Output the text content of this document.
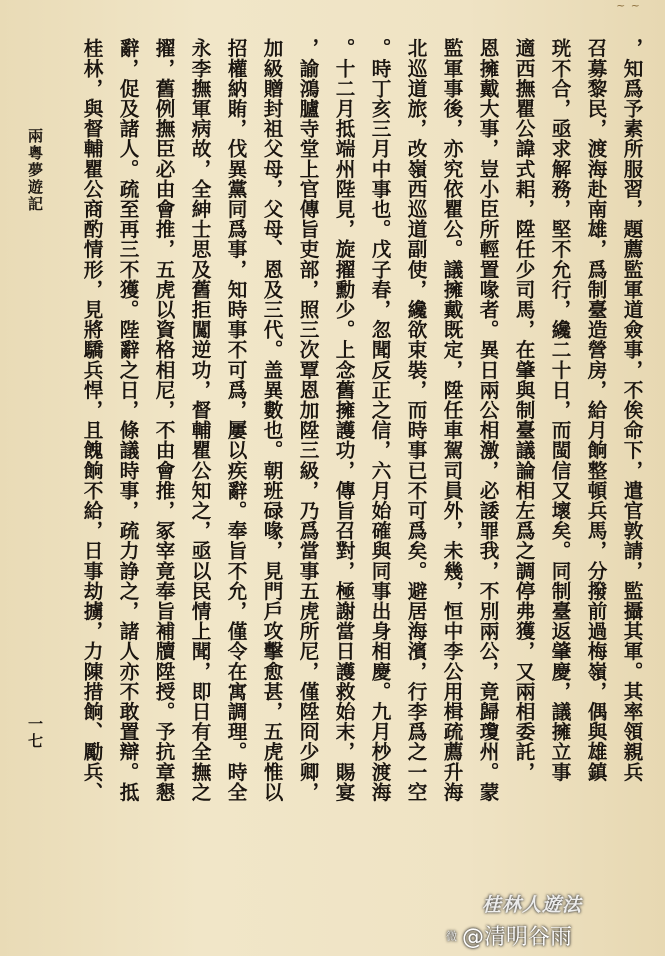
~ ~
，知爲予素所服習，題薦監軍道僉事，不俟命下，遣官敦請，監攝其軍。其率領親兵
召募黎民，渡海赴南雄，爲制臺造營房，給月餉整頓兵馬，分撥前過梅嶺，偶與雄鎮
珖不合，亟求解務，堅不允行，纔二十日，而閩信又壞矣。同制臺返肇慶，議擁立事
適西撫瞿公諱式耜，陞任少司馬，在肇與制臺議論相左爲之調停弗獲，又兩相委託，
恩擁戴大事，豈小臣所輕置喙者。異日兩公相激，必諉罪我，不別兩公，竟歸瓊州。蒙
監軍事後，亦究依瞿公。議擁戴既定，陞任車駕司員外，未幾，恒中李公用楫疏薦升海
北巡道旅，改嶺西巡道副使，纔欲束裝，而時事已不可爲矣。避居海濱，行李爲之一空
。時丁亥三月中事也。戊子春，忽聞反正之信，六月始確與同事出身相慶。九月杪渡海
。十二月抵端州陛見，旋擢勳少。上念舊擁護功，傳旨召對，極謝當日護救始末，賜宴
，諭鴻臚寺堂上官傳旨吏部，照三次覃恩加陞三級，乃爲當事五虎所尼，僅陞冏少卿，
加級贈封祖父母，父母、恩及三代。盖異數也。朝班碌喙，見門戶攻擊愈甚，五虎惟以
招權納賄，伐異黨同爲事，知時事不可爲，屢以疾辭。奉旨不允，僅令在寓調理。時全
永李撫軍病故，全紳士思及舊拒闖逆功，督輔瞿公知之，亟以民情上聞，即日有全撫之
擢，舊例撫臣必由會推，五虎以資格相尼，不由會推，冢宰竟奉旨補牘陞授。予抗章懇
辭，促及諸人。疏至再三不獲。陛辭之日，條議時事，疏力諍之，諸人亦不敢置辯。抵
桂林，與督輔瞿公商酌情形，見將驕兵悍，且餽餉不給，日事劫擄，力陳措餉、勵兵、
兩粵夢遊記
一七
桂林人遊法
微 @清明谷雨
